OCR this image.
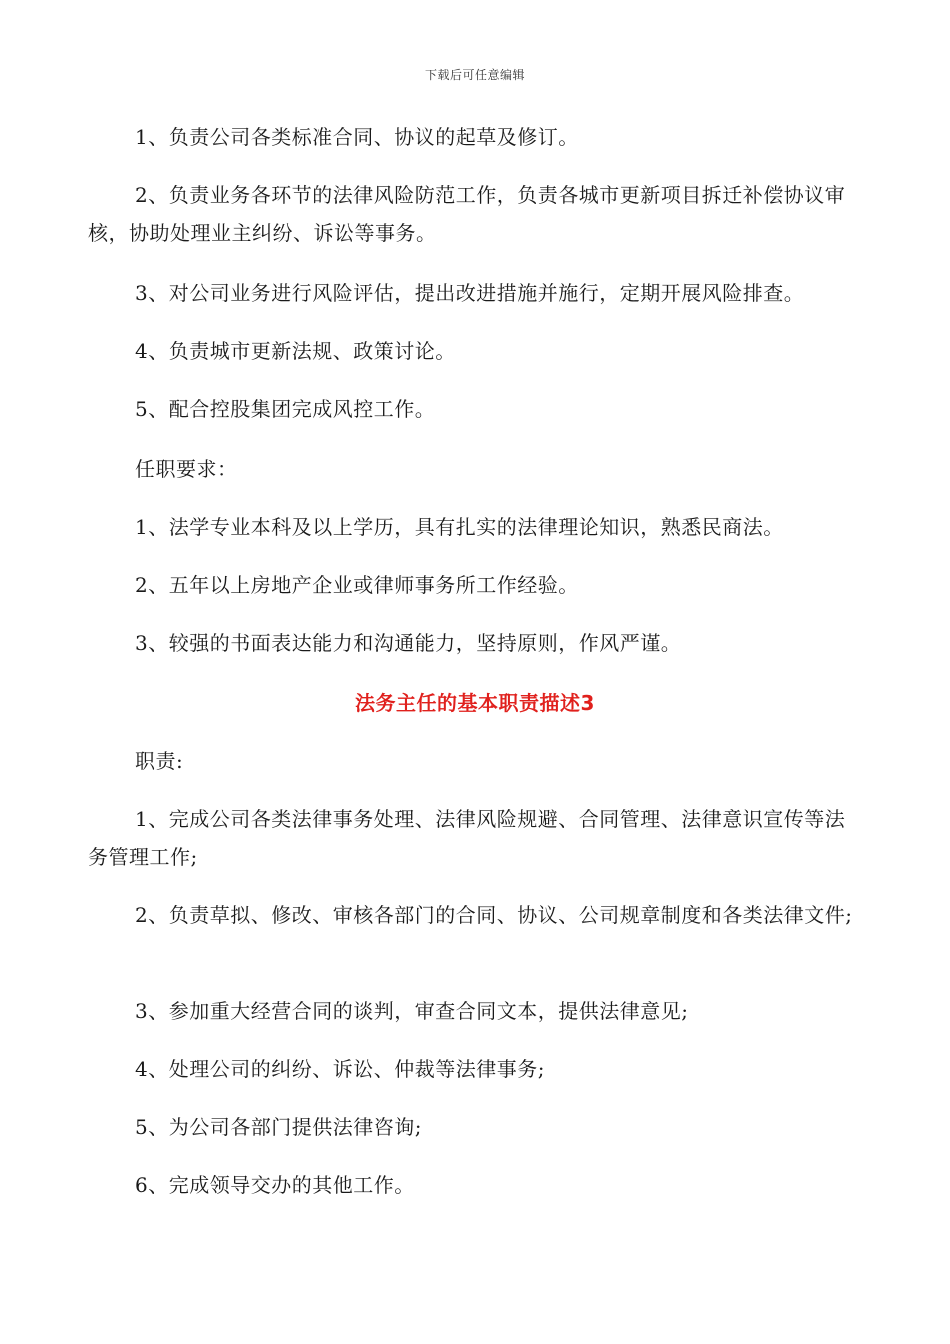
下载后可任意编辑

1、负责公司各类标准合同、协议的起草及修订。

2、负责业务各环节的法律风险防范工作，负责各城市更新项目拆迁补偿协议审核，协助处理业主纠纷、诉讼等事务。

3、对公司业务进行风险评估，提出改进措施并施行，定期开展风险排查。

4、负责城市更新法规、政策讨论。

5、配合控股集团完成风控工作。

任职要求：

1、法学专业本科及以上学历，具有扎实的法律理论知识，熟悉民商法。

2、五年以上房地产企业或律师事务所工作经验。

3、较强的书面表达能力和沟通能力，坚持原则，作风严谨。

法务主任的基本职责描述3

职责:

1、完成公司各类法律事务处理、法律风险规避、合同管理、法律意识宣传等法务管理工作;

2、负责草拟、修改、审核各部门的合同、协议、公司规章制度和各类法律文件;

3、参加重大经营合同的谈判，审查合同文本，提供法律意见;

4、处理公司的纠纷、诉讼、仲裁等法律事务;

5、为公司各部门提供法律咨询;

6、完成领导交办的其他工作。
